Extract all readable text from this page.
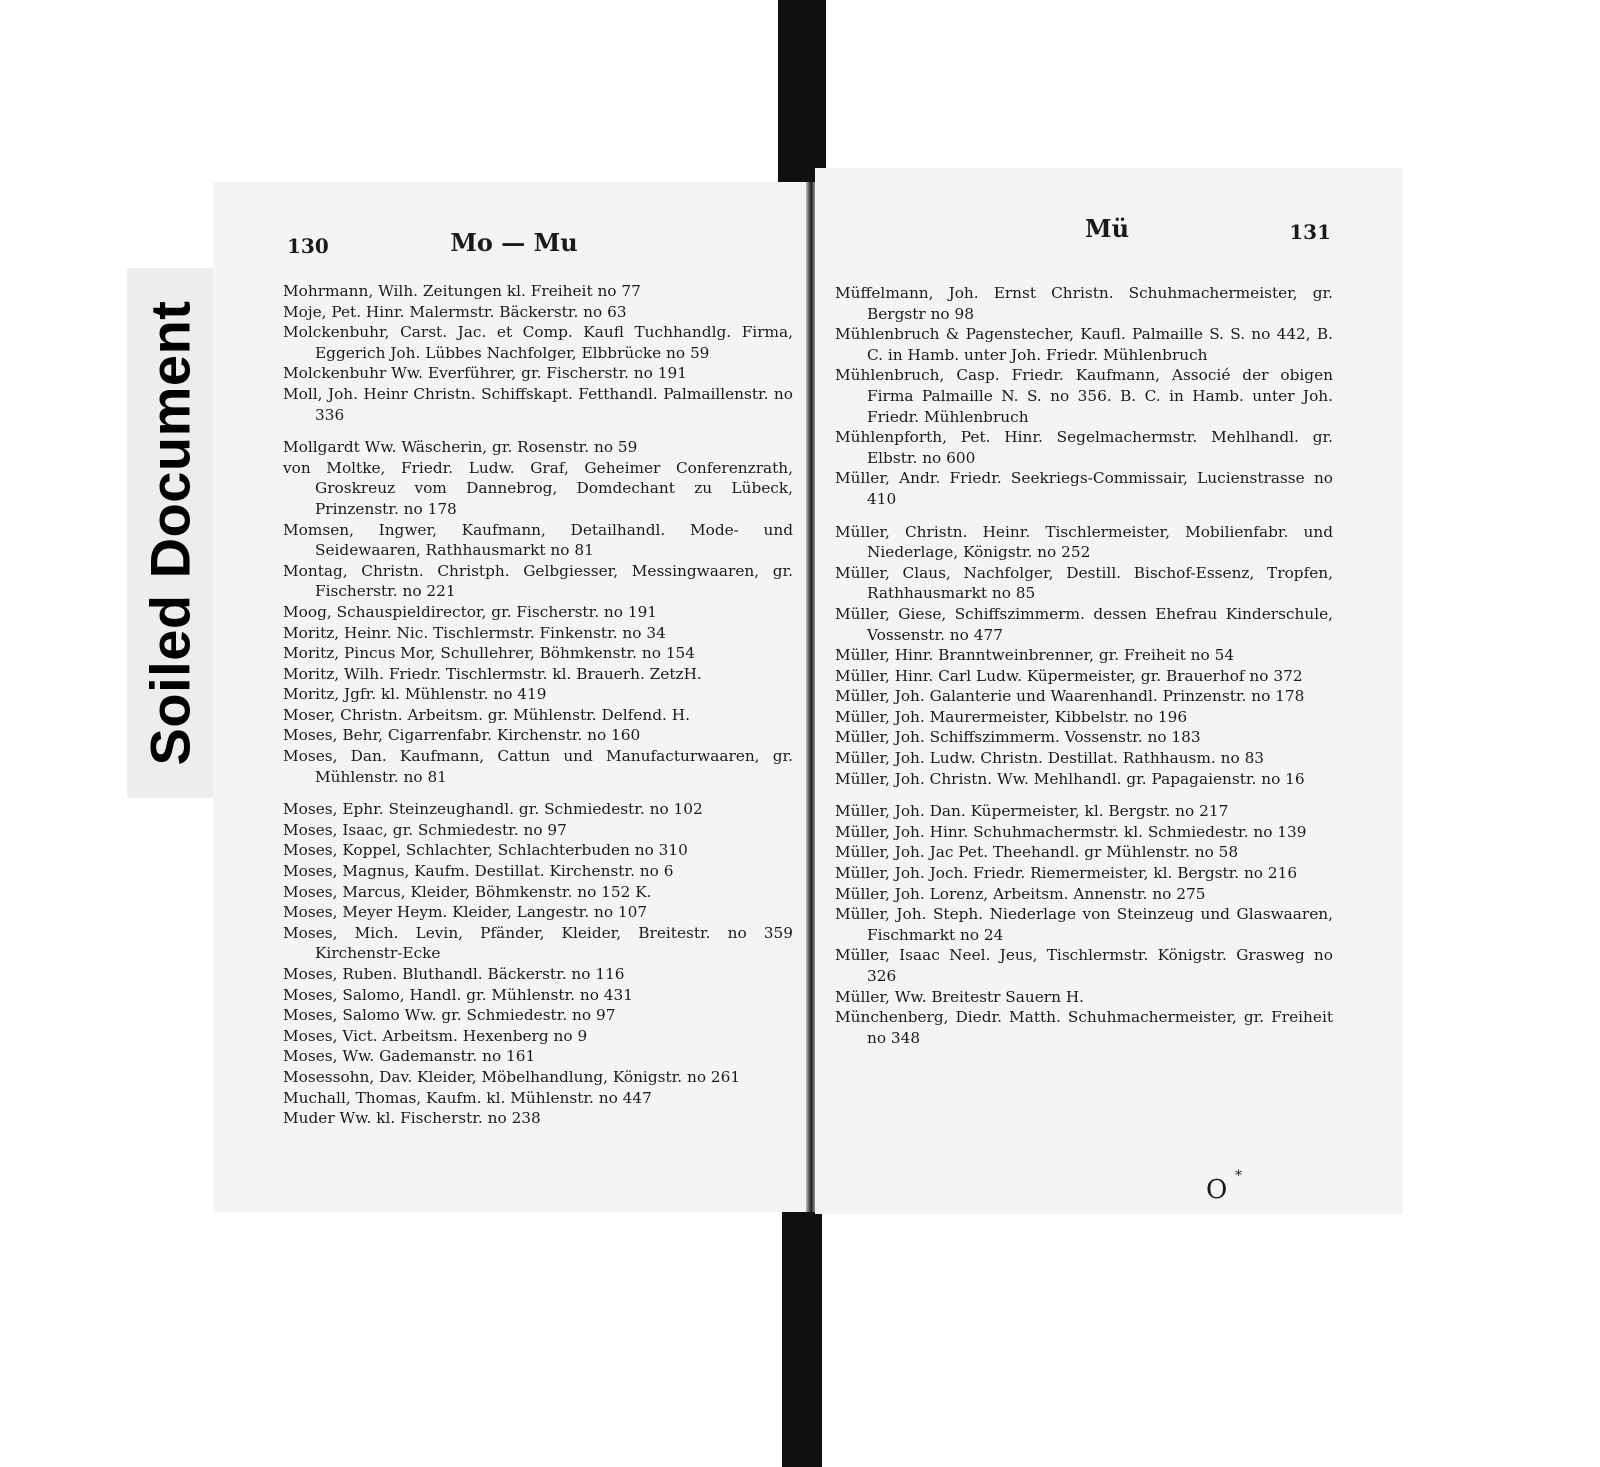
Soiled Document
130	Mo — Mu
Mohrmann, Wilh. Zeitungen kl. Freiheit no 77
Moje, Pet. Hinr. Malermstr. Bäckerstr. no 63
Molckenbuhr, Carst. Jac. et Comp. Kaufl Tuchhandlg. Firma, Eggerich Joh. Lübbes Nachfolger, Elbbrücke no 59
Molckenbuhr Ww. Everführer, gr. Fischerstr. no 191
Moll, Joh. Heinr Christn. Schiffskapt. Fetthandl. Palmaillenstr. no 336
Mollgardt Ww. Wäscherin, gr. Rosenstr. no 59
von Moltke, Friedr. Ludw. Graf, Geheimer Conferenzrath, Groskreuz vom Dannebrog, Domdechant zu Lübeck, Prinzenstr. no 178
Momsen, Ingwer, Kaufmann, Detailhandl. Mode- und Seidewaaren, Rathhausmarkt no 81
Montag, Christn. Christph. Gelbgiesser, Messingwaaren, gr. Fischerstr. no 221
Moog, Schauspieldirector, gr. Fischerstr. no 191
Moritz, Heinr. Nic. Tischlermstr. Finkenstr. no 34
Moritz, Pincus Mor, Schullehrer, Böhmkenstr. no 154
Moritz, Wilh. Friedr. Tischlermstr. kl. Brauerh. ZetzH.
Moritz, Jgfr. kl. Mühlenstr. no 419
Moser, Christn. Arbeitsm. gr. Mühlenstr. Delfend. H.
Moses, Behr, Cigarrenfabr. Kirchenstr. no 160
Moses, Dan. Kaufmann, Cattun und Manufacturwaaren, gr. Mühlenstr. no 81
Moses, Ephr. Steinzeughandl. gr. Schmiedestr. no 102
Moses, Isaac, gr. Schmiedestr. no 97
Moses, Koppel, Schlachter, Schlachterbuden no 310
Moses, Magnus, Kaufm. Destillat. Kirchenstr. no 6
Moses, Marcus, Kleider, Böhmkenstr. no 152 K.
Moses, Meyer Heym. Kleider, Langestr. no 107
Moses, Mich. Levin, Pfänder, Kleider, Breitestr. no 359 Kirchenstr-Ecke
Moses, Ruben. Bluthandl. Bäckerstr. no 116
Moses, Salomo, Handl. gr. Mühlenstr. no 431
Moses, Salomo Ww. gr. Schmiedestr. no 97
Moses, Vict. Arbeitsm. Hexenberg no 9
Moses, Ww. Gademanstr. no 161
Mosessohn, Dav. Kleider, Möbelhandlung, Königstr. no 261
Muchall, Thomas, Kaufm. kl. Mühlenstr. no 447
Muder Ww. kl. Fischerstr. no 238
Mü	131
Müffelmann, Joh. Ernst Christn. Schuhmachermeister, gr. Bergstr no 98
Mühlenbruch & Pagenstecher, Kaufl. Palmaille S. S. no 442, B. C. in Hamb. unter Joh. Friedr. Mühlenbruch
Mühlenbruch, Casp. Friedr. Kaufmann, Associé der obigen Firma Palmaille N. S. no 356. B. C. in Hamb. unter Joh. Friedr. Mühlenbruch
Mühlenpforth, Pet. Hinr. Segelmachermstr. Mehlhandl. gr. Elbstr. no 600
Müller, Andr. Friedr. Seekriegs-Commissair, Lucienstrasse no 410
Müller, Christn. Heinr. Tischlermeister, Mobilienfabr. und Niederlage, Königstr. no 252
Müller, Claus, Nachfolger, Destill. Bischof-Essenz, Tropfen, Rathhausmarkt no 85
Müller, Giese, Schiffszimmerm. dessen Ehefrau Kinderschule, Vossenstr. no 477
Müller, Hinr. Branntweinbrenner, gr. Freiheit no 54
Müller, Hinr. Carl Ludw. Küpermeister, gr. Brauerhof no 372
Müller, Joh. Galanterie und Waarenhandl. Prinzenstr. no 178
Müller, Joh. Maurermeister, Kibbelstr. no 196
Müller, Joh. Schiffszimmerm. Vossenstr. no 183
Müller, Joh. Ludw. Christn. Destillat. Rathhausm. no 83
Müller, Joh. Christn. Ww. Mehlhandl. gr. Papagaienstr. no 16
Müller, Joh. Dan. Küpermeister, kl. Bergstr. no 217
Müller, Joh. Hinr. Schuhmachermstr. kl. Schmiedestr. no 139
Müller, Joh. Jac Pet. Theehandl. gr Mühlenstr. no 58
Müller, Joh. Joch. Friedr. Riemermeister, kl. Bergstr. no 216
Müller, Joh. Lorenz, Arbeitsm. Annenstr. no 275
Müller, Joh. Steph. Niederlage von Steinzeug und Glaswaaren, Fischmarkt no 24
Müller, Isaac Neel. Jeus, Tischlermstr. Königstr. Grasweg no 326
Müller, Ww. Breitestr Sauern H.
Münchenberg, Diedr. Matth. Schuhmachermeister, gr. Freiheit no 348
O *
